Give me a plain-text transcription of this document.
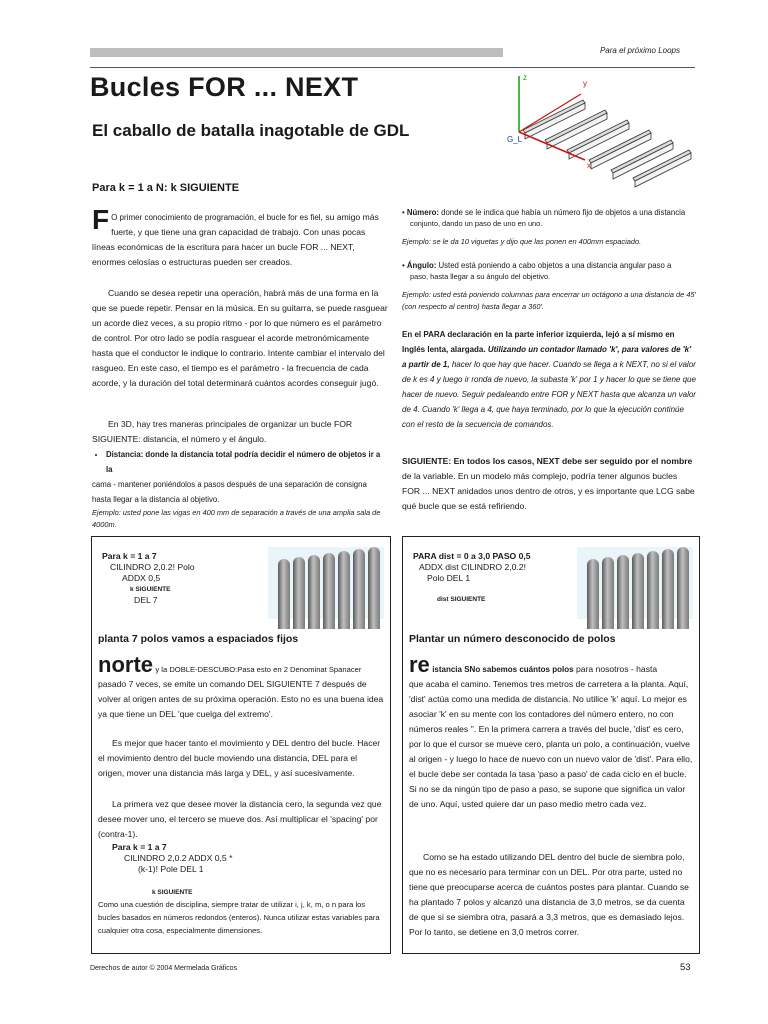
Para el próximo Loops
Bucles FOR ... NEXT
El caballo de batalla inagotable de GDL
z
y
x
G_L
Para k = 1 a N: k SIGUIENTE

F O primer conocimiento de programación, el bucle for es fiel, su amigo más fuerte, y que tiene una gran capacidad de trabajo. Con unas pocas líneas económicas de la escritura para hacer un bucle FOR ... NEXT, enormes celosías o estructuras pueden ser creados.

Cuando se desea repetir una operación, habrá más de una forma en la que se puede repetir. Pensar en la música. En su guitarra, se puede rasguear un acorde diez veces, a su propio ritmo - por lo que número es el parámetro de control. Por otro lado se podía rasguear el acorde metronómicamente hasta que el conductor le indique lo contrario. Intente cambiar el intervalo del rasgueo. En este caso, el tiempo es el parámetro - la frecuencia de cada acorde, y la duración del total determinará cuántos acordes conseguir jugó.

En 3D, hay tres maneras principales de organizar un bucle FOR SIGUIENTE: distancia, el número y el ángulo.

• Distancia: donde la distancia total podría decidir el número de objetos ir a la

cama - mantener poniéndolos a pasos después de una separación de consigna hasta llegar a la distancia al objetivo.

Ejemplo: usted pone las vigas en 400 mm de separación a través de una amplia sala de 4000m.

• Número: donde se le indica que había un número fijo de objetos a una distancia

conjunto, dando un paso de uno en uno.

Ejemplo: se le da 10 viguetas y dijo que las ponen en 400mm espaciado.

• Ángulo: Usted está poniendo a cabo objetos a una distancia angular paso a

paso, hasta llegar a su ángulo del objetivo.

Ejemplo: usted está poniendo columnas para encerrar un octágono a una distancia de 45' (con respecto al centro) hasta llegar a 360'.

En el PARA declaración en la parte inferior izquierda, lejó a sí mismo en Inglés lenta, alargada. Utilizando un contador llamado 'k', para valores de 'k' a partir de 1, hacer lo que hay que hacer. Cuando se llega a k NEXT, no si el valor de k es 4 y luego ir ronda de nuevo, la subasta 'k' por 1 y hacer lo que se tiene que hacer de nuevo. Seguir pedaleando entre FOR y NEXT hasta que alcanza un valor de 4. Cuando 'k' llega a 4, que haya terminado, por lo que la ejecución continúe con el resto de la secuencia de comandos.

SIGUIENTE: En todos los casos, NEXT debe ser seguido por el nombre de la variable. En un modelo más complejo, podría tener algunos bucles FOR ... NEXT anidados unos dentro de otros, y es importante que LCG sabe qué bucle que se está refiriendo.

Para k = 1 a 7
CILINDRO 2,0.2! Polo
ADDX 0,5
k SIGUIENTE
DEL 7
planta 7 polos vamos a espaciados fijos

norte y la DOBLE-DESCUBO:Pasa esto en 2 Denominat Spanacer

pasado 7 veces, se emite un comando DEL SIGUIENTE 7 después de volver al origen antes de su próxima operación. Esto no es una buena idea ya que tiene un DEL 'que cuelga del extremo'.

Es mejor que hacer tanto el movimiento y DEL dentro del bucle. Hacer el movimiento dentro del bucle moviendo una distancia, DEL para el origen, mover una distancia más larga y DEL, y así sucesivamente.

La primera vez que desee mover la distancia cero, la segunda vez que desee mover uno, el tercero se mueve dos. Así multiplicar el 'spacing' por (contra-1).

Para k = 1 a 7
CILINDRO 2,0.2 ADDX 0,5 *
(k-1)! Pole DEL 1
k SIGUIENTE

Como una cuestión de disciplina, siempre tratar de utilizar i, j, k, m, o n para los bucles basados en números redondos (enteros). Nunca utilizar estas variables para cualquier otra cosa, especialmente dimensiones.

PARA dist = 0 a 3,0 PASO 0,5
ADDX dist CILINDRO 2,0.2!
Polo DEL 1
dist SIGUIENTE
Plantar un número desconocido de polos

re istancia SNo sabemos cuántos polos para nosotros - hasta

que acaba el camino. Tenemos tres metros de carretera a la planta. Aquí, 'dist' actúa como una medida de distancia. No utilice 'k' aquí. Lo mejor es asociar 'k' en su mente con los contadores del número entero, no con números reales ''. En la primera carrera a través del bucle, 'dist' es cero, por lo que el cursor se mueve cero, planta un polo, a continuación, vuelve al origen - y luego lo hace de nuevo con un nuevo valor de 'dist'. Para ello, el bucle debe ser contada la tasa 'paso a paso' de cada ciclo en el bucle. Si no se da ningún tipo de paso a paso, se supone que significa un valor de uno. Aquí, usted quiere dar un paso medio metro cada vez.

Como se ha estado utilizando DEL dentro del bucle de siembra polo, que no es necesario para terminar con un DEL. Por otra parte, usted no tiene que preocuparse acerca de cuántos postes para plantar. Cuando se ha plantado 7 polos y alcanzó una distancia de 3,0 metros, se da cuenta de que si se siembra otra, pasará a 3,3 metros, que es demasiado lejos. Por lo tanto, se detiene en 3,0 metros correr.

Derechos de autor © 2004 Mermelada Gráficos	53
